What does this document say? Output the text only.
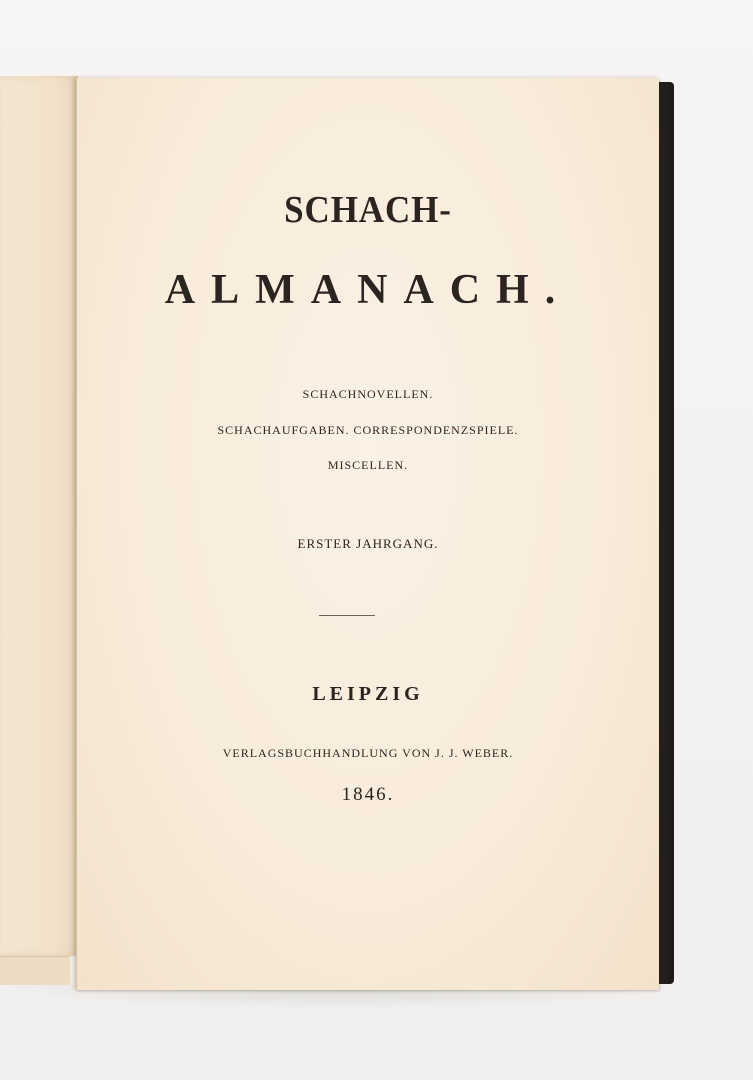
SCHACH-
ALMANACH.
SCHACHNOVELLEN.
SCHACHAUFGABEN. CORRESPONDENZSPIELE.
MISCELLEN.
ERSTER JAHRGANG.
LEIPZIG
VERLAGSBUCHHANDLUNG VON J. J. WEBER.
1846.
